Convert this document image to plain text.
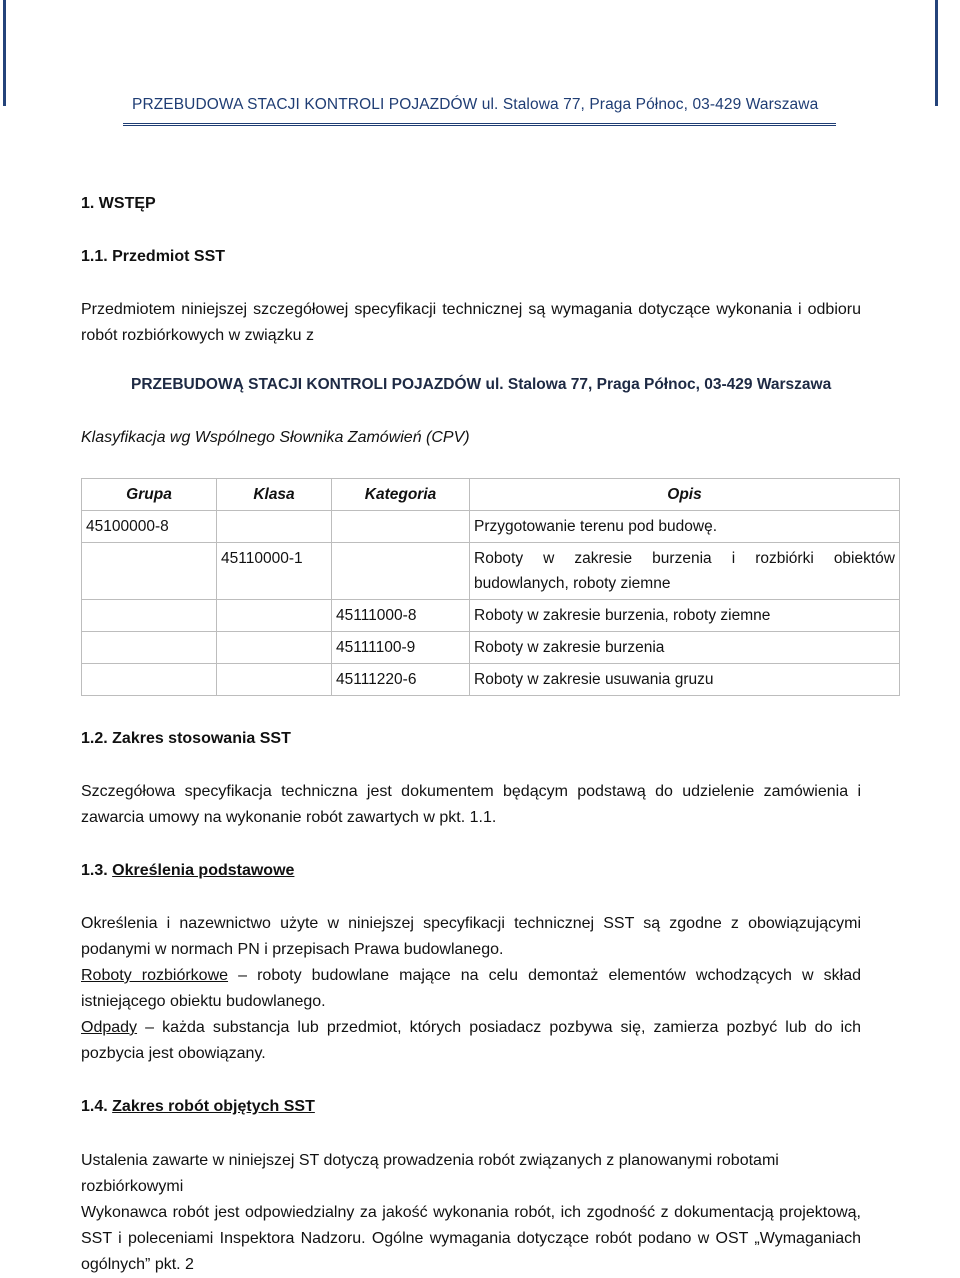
PRZEBUDOWA STACJI KONTROLI POJAZDÓW ul. Stalowa 77, Praga Północ, 03-429 Warszawa
1. WSTĘP
1.1. Przedmiot SST
Przedmiotem niniejszej szczegółowej specyfikacji technicznej są wymagania dotyczące wykonania i odbioru robót rozbiórkowych w związku z
PRZEBUDOWĄ STACJI KONTROLI POJAZDÓW ul. Stalowa 77, Praga Północ, 03-429 Warszawa
Klasyfikacja wg Wspólnego Słownika Zamówień (CPV)
Grupa	Klasa	Kategoria	Opis
45100000-8			Przygotowanie terenu pod budowę.
	45110000-1		Roboty w zakresie burzenia i rozbiórki obiektów budowlanych, roboty ziemne
		45111000-8	Roboty w zakresie burzenia, roboty ziemne
		45111100-9	Roboty w zakresie burzenia
		45111220-6	Roboty w zakresie usuwania gruzu
1.2. Zakres stosowania SST
Szczegółowa specyfikacja techniczna jest dokumentem będącym podstawą do udzielenie zamówienia i zawarcia umowy na wykonanie robót zawartych w pkt. 1.1.
1.3. Określenia podstawowe
Określenia i nazewnictwo użyte w niniejszej specyfikacji technicznej SST są zgodne z obowiązującymi podanymi w normach PN i przepisach Prawa budowlanego.
Roboty rozbiórkowe – roboty budowlane mające na celu demontaż elementów wchodzących w skład istniejącego obiektu budowlanego.
Odpady – każda substancja lub przedmiot, których posiadacz pozbywa się, zamierza pozbyć lub do ich pozbycia jest obowiązany.
1.4. Zakres robót objętych SST
Ustalenia zawarte w niniejszej ST dotyczą prowadzenia robót związanych z planowanymi robotami rozbiórkowymi
Wykonawca robót jest odpowiedzialny za jakość wykonania robót, ich zgodność z dokumentacją projektową, SST i poleceniami Inspektora Nadzoru. Ogólne wymagania dotyczące robót podano w OST „Wymaganiach ogólnych” pkt. 2
